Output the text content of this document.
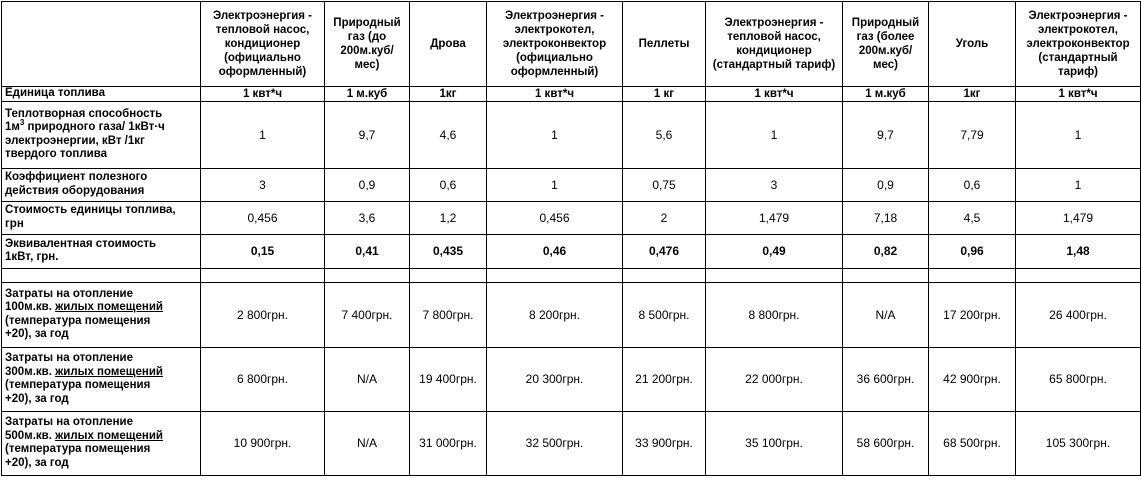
	Электроэнергия - тепловой насос, кондиционер (официально оформленный)	Природный газ (до 200м.куб/ мес)	Дрова	Электроэнергия - электрокотел, электроконвектор (официально оформленный)	Пеллеты	Электроэнергия - тепловой насос, кондиционер (стандартный тариф)	Природный газ (более 200м.куб/ мес)	Уголь	Электроэнергия - электрокотел, электроконвектор (стандартный тариф)
Единица топлива	1 квт*ч	1 м.куб	1кг	1 квт*ч	1 кг	1 квт*ч	1 м.куб	1кг	1 квт*ч
Теплотворная способность
$1м^3$ природного газа/ 1кВт·ч
электроэнергии, кВт /1кг
твердого топлива	1	9,7	4,6	1	5,6	1	9,7	7,79	1
Коэффициент полезного
действия оборудования	3	0,9	0,6	1	0,75	3	0,9	0,6	1
Стоимость единицы топлива,
грн	0,456	3,6	1,2	0,456	2	1,479	7,18	4,5	1,479
Эквивалентная стоимость
1кВт, грн.	0,15	0,41	0,435	0,46	0,476	0,49	0,82	0,96	1,48

Затраты на отопление
100м.кв. жилых помещений
(температура помещения
+20), за год	2 800грн.	7 400грн.	7 800грн.	8 200грн.	8 500грн.	8 800грн.	N/A	17 200грн.	26 400грн.
Затраты на отопление
300м.кв. жилых помещений
(температура помещения
+20), за год	6 800грн.	N/A	19 400грн.	20 300грн.	21 200грн.	22 000грн.	36 600грн.	42 900грн.	65 800грн.
Затраты на отопление
500м.кв. жилых помещений
(температура помещения
+20), за год	10 900грн.	N/A	31 000грн.	32 500грн.	33 900грн.	35 100грн.	58 600грн.	68 500грн.	105 300грн.
